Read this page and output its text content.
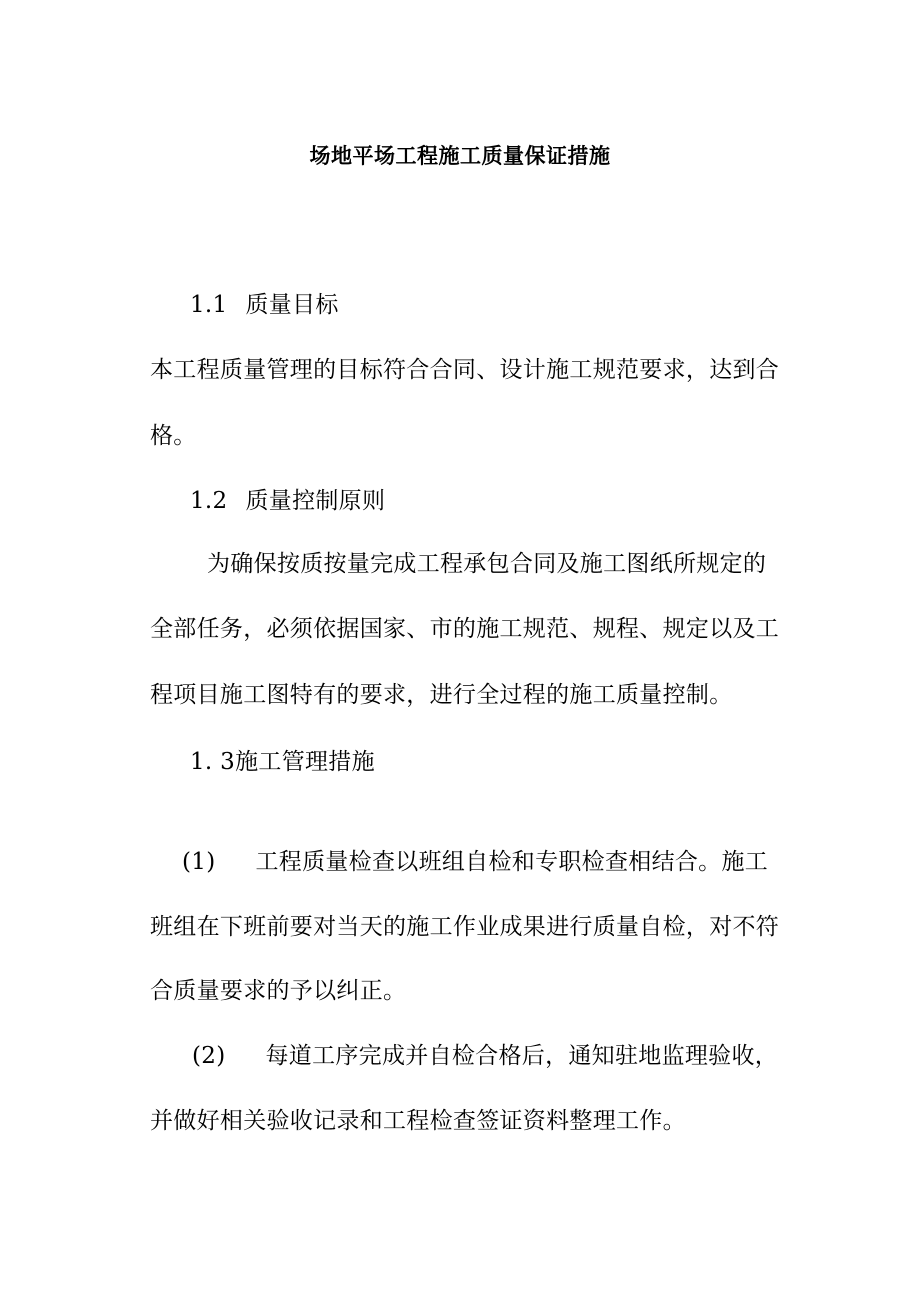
场地平场工程施工质量保证措施
1.1 质量目标
本工程质量管理的目标符合合同、设计施工规范要求，达到合
格。
1.2 质量控制原则
为确保按质按量完成工程承包合同及施工图纸所规定的
全部任务，必须依据国家、市的施工规范、规程、规定以及工
程项目施工图特有的要求，进行全过程的施工质量控制。
1. 3施工管理措施
(1) 工程质量检查以班组自检和专职检查相结合。施工
班组在下班前要对当天的施工作业成果进行质量自检，对不符
合质量要求的予以纠正。
(2) 每道工序完成并自检合格后，通知驻地监理验收，
并做好相关验收记录和工程检查签证资料整理工作。
